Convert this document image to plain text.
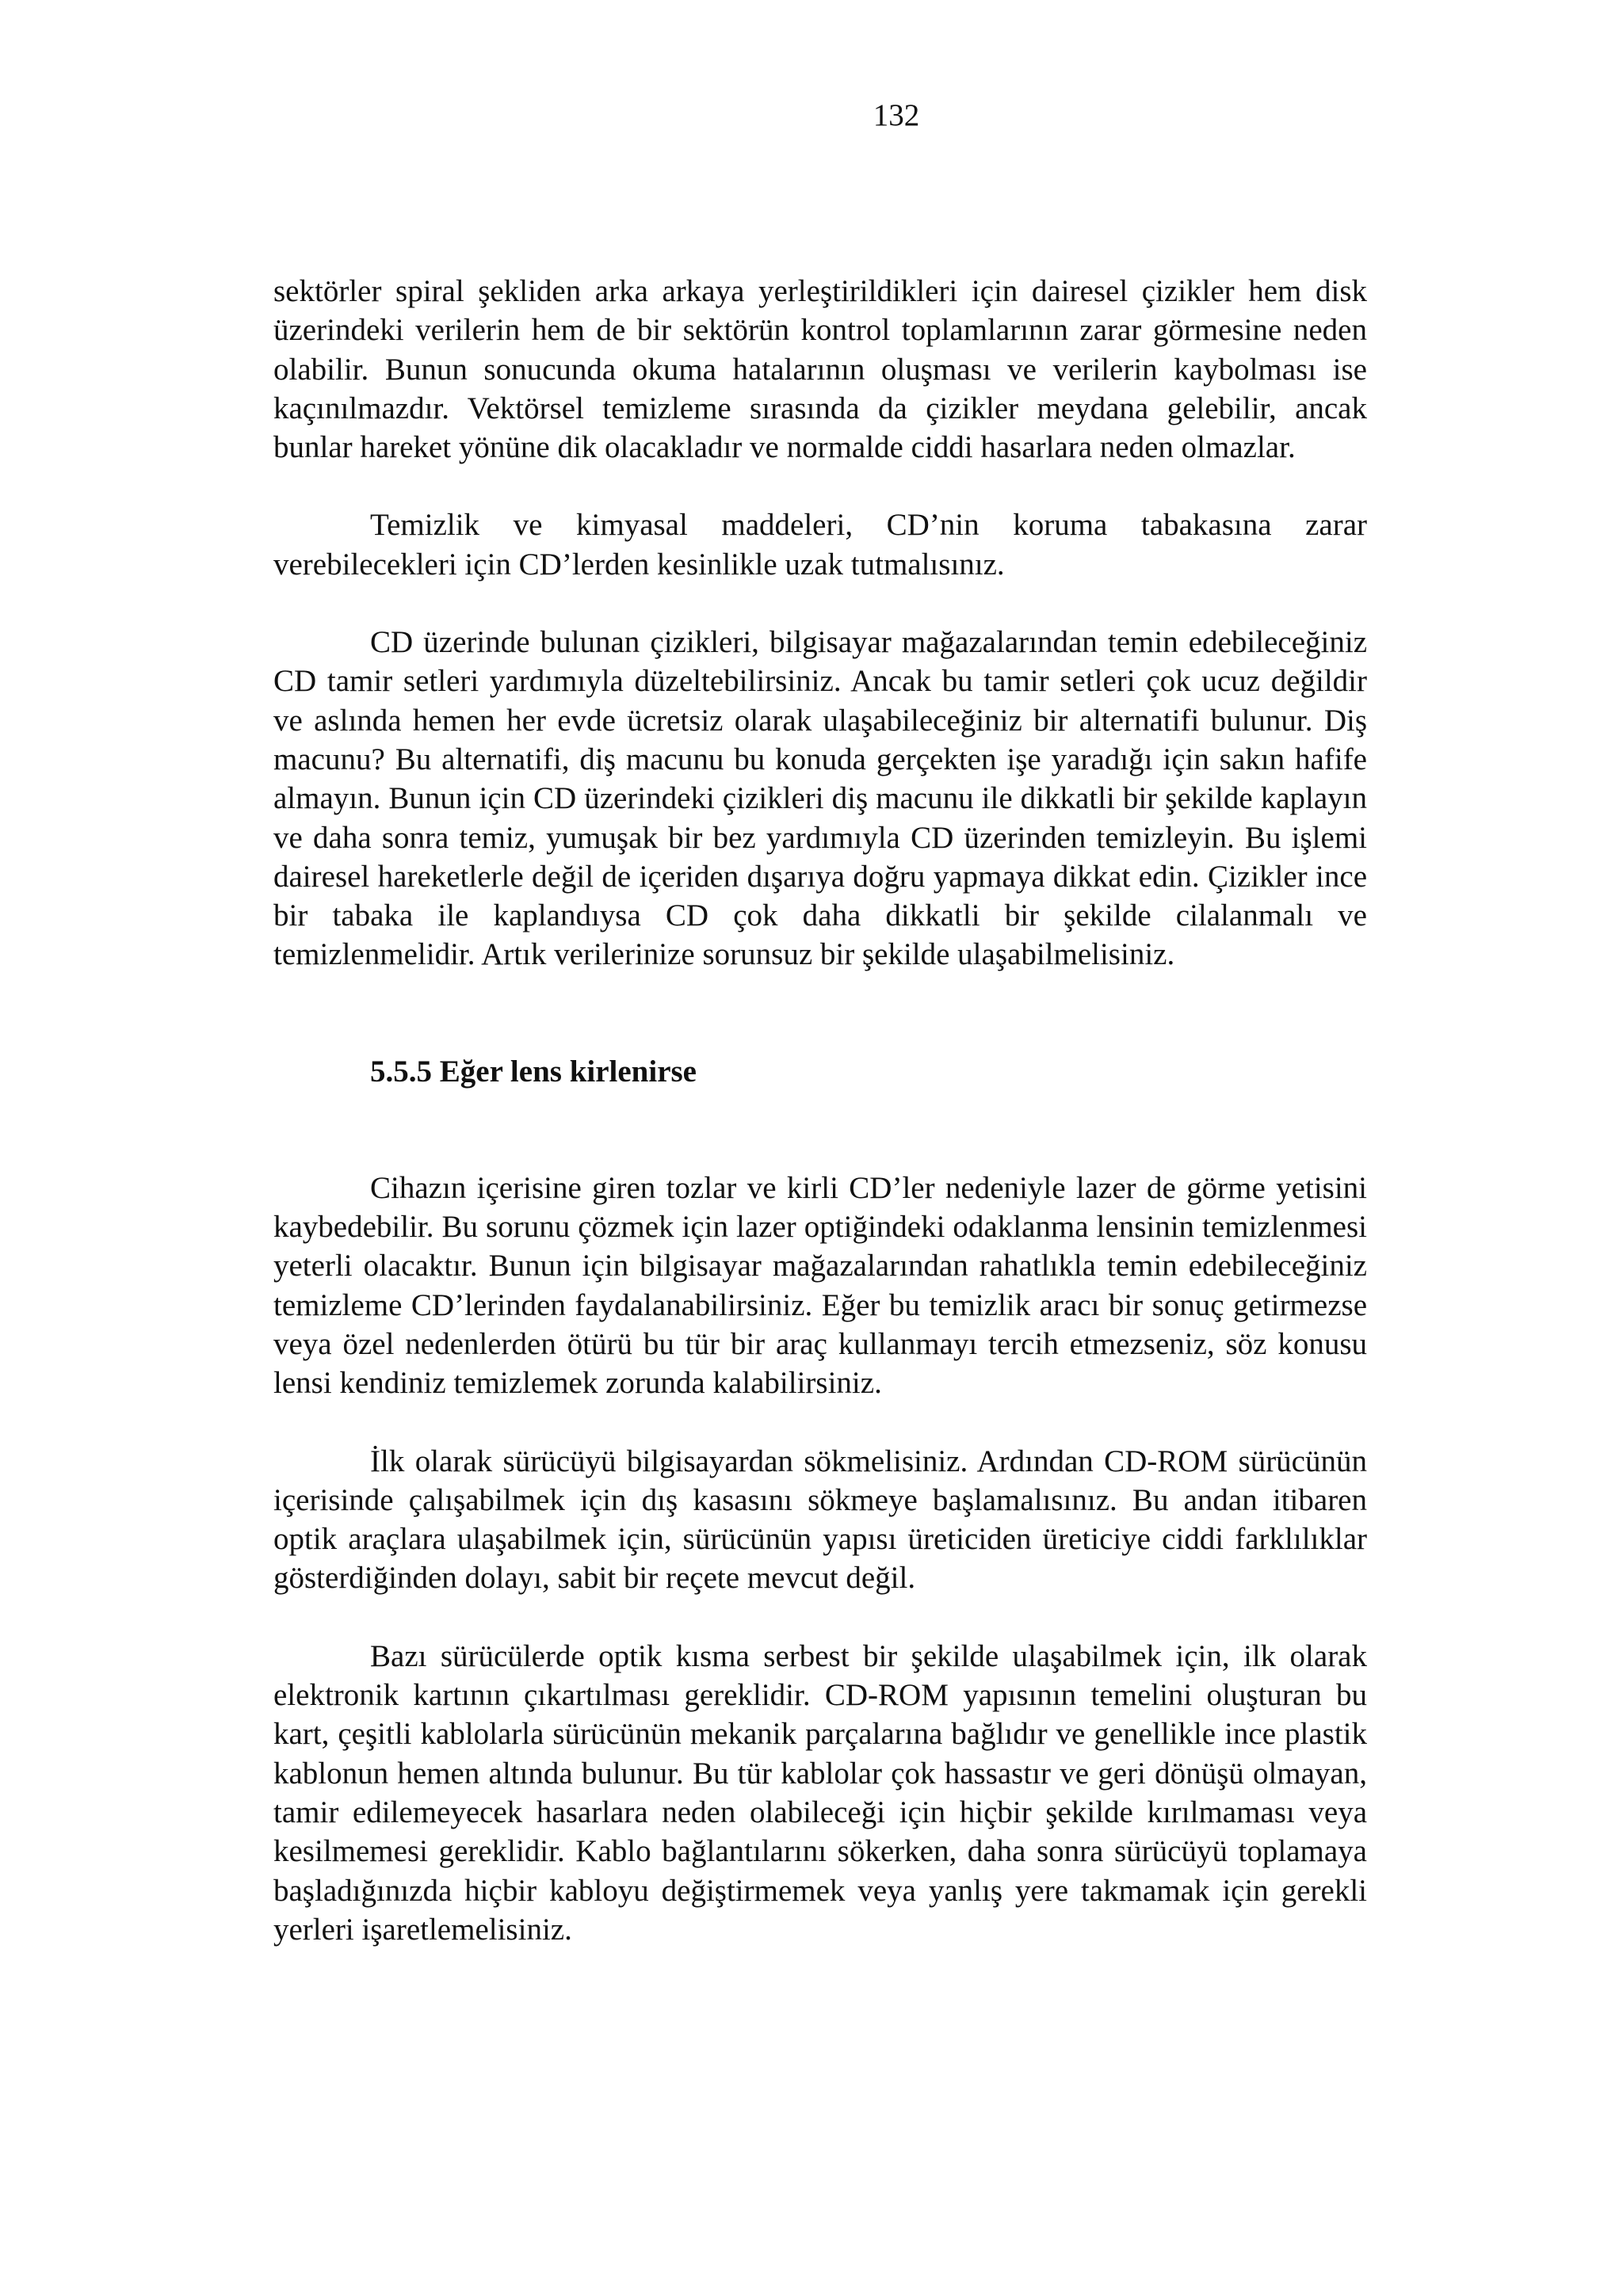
132

sektörler spiral şekliden arka arkaya yerleştirildikleri için dairesel çizikler hem disk üzerindeki verilerin hem de bir sektörün kontrol toplamlarının zarar görmesine neden olabilir. Bunun sonucunda okuma hatalarının oluşması ve verilerin kaybolması ise kaçınılmazdır. Vektörsel temizleme sırasında da çizikler meydana gelebilir, ancak bunlar hareket yönüne dik olacakladır ve normalde ciddi hasarlara neden olmazlar.

Temizlik ve kimyasal maddeleri, CD’nin koruma tabakasına zarar verebilecekleri için CD’lerden kesinlikle uzak tutmalısınız.

CD üzerinde bulunan çizikleri, bilgisayar mağazalarından temin edebileceğiniz CD tamir setleri yardımıyla düzeltebilirsiniz. Ancak bu tamir setleri çok ucuz değildir ve aslında hemen her evde ücretsiz olarak ulaşabileceğiniz bir alternatifi bulunur. Diş macunu? Bu alternatifi, diş macunu bu konuda gerçekten işe yaradığı için sakın hafife almayın. Bunun için CD üzerindeki çizikleri diş macunu ile dikkatli bir şekilde kaplayın ve daha sonra temiz, yumuşak bir bez yardımıyla CD üzerinden temizleyin. Bu işlemi dairesel hareketlerle değil de içeriden dışarıya doğru yapmaya dikkat edin. Çizikler ince bir tabaka ile kaplandıysa CD çok daha dikkatli bir şekilde cilalanmalı ve temizlenmelidir. Artık verilerinize sorunsuz bir şekilde ulaşabilmelisiniz.

5.5.5 Eğer lens kirlenirse

Cihazın içerisine giren tozlar ve kirli CD’ler nedeniyle lazer de görme yetisini kaybedebilir. Bu sorunu çözmek için lazer optiğindeki odaklanma lensinin temizlenmesi yeterli olacaktır. Bunun için bilgisayar mağazalarından rahatlıkla temin edebileceğiniz temizleme CD’lerinden faydalanabilirsiniz. Eğer bu temizlik aracı bir sonuç getirmezse veya özel nedenlerden ötürü bu tür bir araç kullanmayı tercih etmezseniz, söz konusu lensi kendiniz temizlemek zorunda kalabilirsiniz.

İlk olarak sürücüyü bilgisayardan sökmelisiniz. Ardından CD-ROM sürücünün içerisinde çalışabilmek için dış kasasını sökmeye başlamalısınız. Bu andan itibaren optik araçlara ulaşabilmek için, sürücünün yapısı üreticiden üreticiye ciddi farklılıklar gösterdiğinden dolayı, sabit bir reçete mevcut değil.

Bazı sürücülerde optik kısma serbest bir şekilde ulaşabilmek için, ilk olarak elektronik kartının çıkartılması gereklidir. CD-ROM yapısının temelini oluşturan bu kart, çeşitli kablolarla sürücünün mekanik parçalarına bağlıdır ve genellikle ince plastik kablonun hemen altında bulunur. Bu tür kablolar çok hassastır ve geri dönüşü olmayan, tamir edilemeyecek hasarlara neden olabileceği için hiçbir şekilde kırılmaması veya kesilmemesi gereklidir. Kablo bağlantılarını sökerken, daha sonra sürücüyü toplamaya başladığınızda hiçbir kabloyu değiştirmemek veya yanlış yere takmamak için gerekli yerleri işaretlemelisiniz.
